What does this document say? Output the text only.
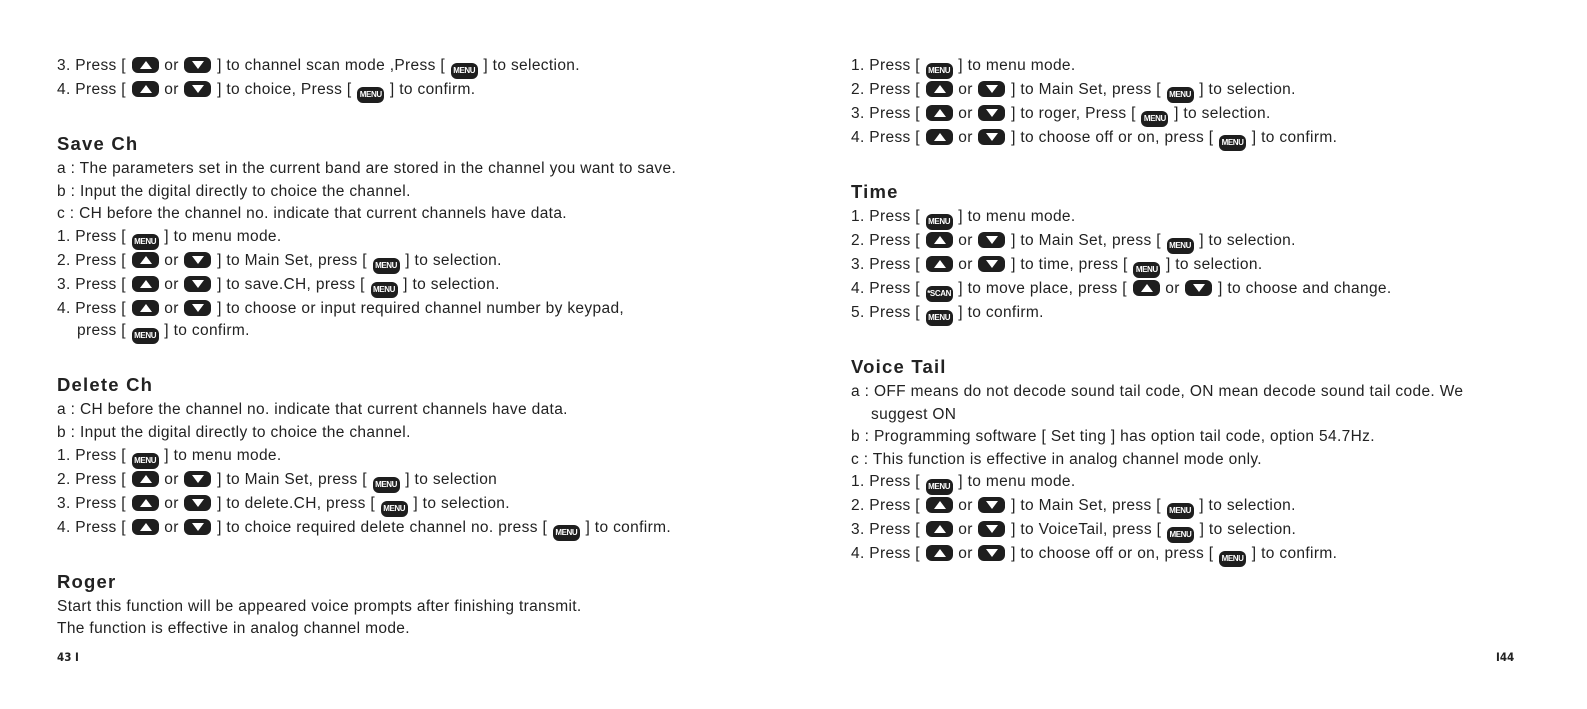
3. Press [  or  ] to channel scan mode ,Press [ MENU ] to selection.
4. Press [  or  ] to choice, Press [ MENU ] to confirm.
Save Ch
a : The parameters set in the current band are stored in the channel you want to save.
b : Input the digital directly to choice the channel.
c : CH before the channel no. indicate that current channels have data.
1. Press [ MENU ] to menu mode.
2. Press [  or  ] to Main Set, press [ MENU ] to selection.
3. Press [  or  ] to save.CH, press [ MENU ] to selection.
4. Press [  or  ] to choose or input required channel number by keypad,
press [ MENU ] to confirm.
Delete Ch
a : CH before the channel no. indicate that current channels have data.
b : Input the digital directly to choice the channel.
1. Press [ MENU ] to menu mode.
2. Press [  or  ] to Main Set, press [ MENU ] to selection
3. Press [  or  ] to delete.CH, press [ MENU ] to selection.
4. Press [  or  ] to choice required delete channel no. press [ MENU ] to confirm.
Roger
Start this function will be appeared voice prompts after finishing transmit.
The function is effective in analog channel mode.
1. Press [ MENU ] to menu mode.
2. Press [  or  ] to Main Set, press [ MENU ] to selection.
3. Press [  or  ] to roger, Press [ MENU ] to selection.
4. Press [  or  ] to choose off or on, press [ MENU ] to confirm.
Time
1. Press [ MENU ] to menu mode.
2. Press [  or  ] to Main Set, press [ MENU ] to selection.
3. Press [  or  ] to time, press [ MENU ] to selection.
4. Press [ *SCAN ] to move place, press [  or  ] to choose and change.
5. Press [ MENU ] to confirm.
Voice Tail
a : OFF means do not decode sound tail code, ON mean decode sound tail code. We
suggest ON
b : Programming software [ Set ting ] has option tail code, option 54.7Hz.
c : This function is effective in analog channel mode only.
1. Press [ MENU ] to menu mode.
2. Press [  or  ] to Main Set, press [ MENU ] to selection.
3. Press [  or  ] to VoiceTail, press [ MENU ] to selection.
4. Press [  or  ] to choose off or on, press [ MENU ] to confirm.
43 I	I44
